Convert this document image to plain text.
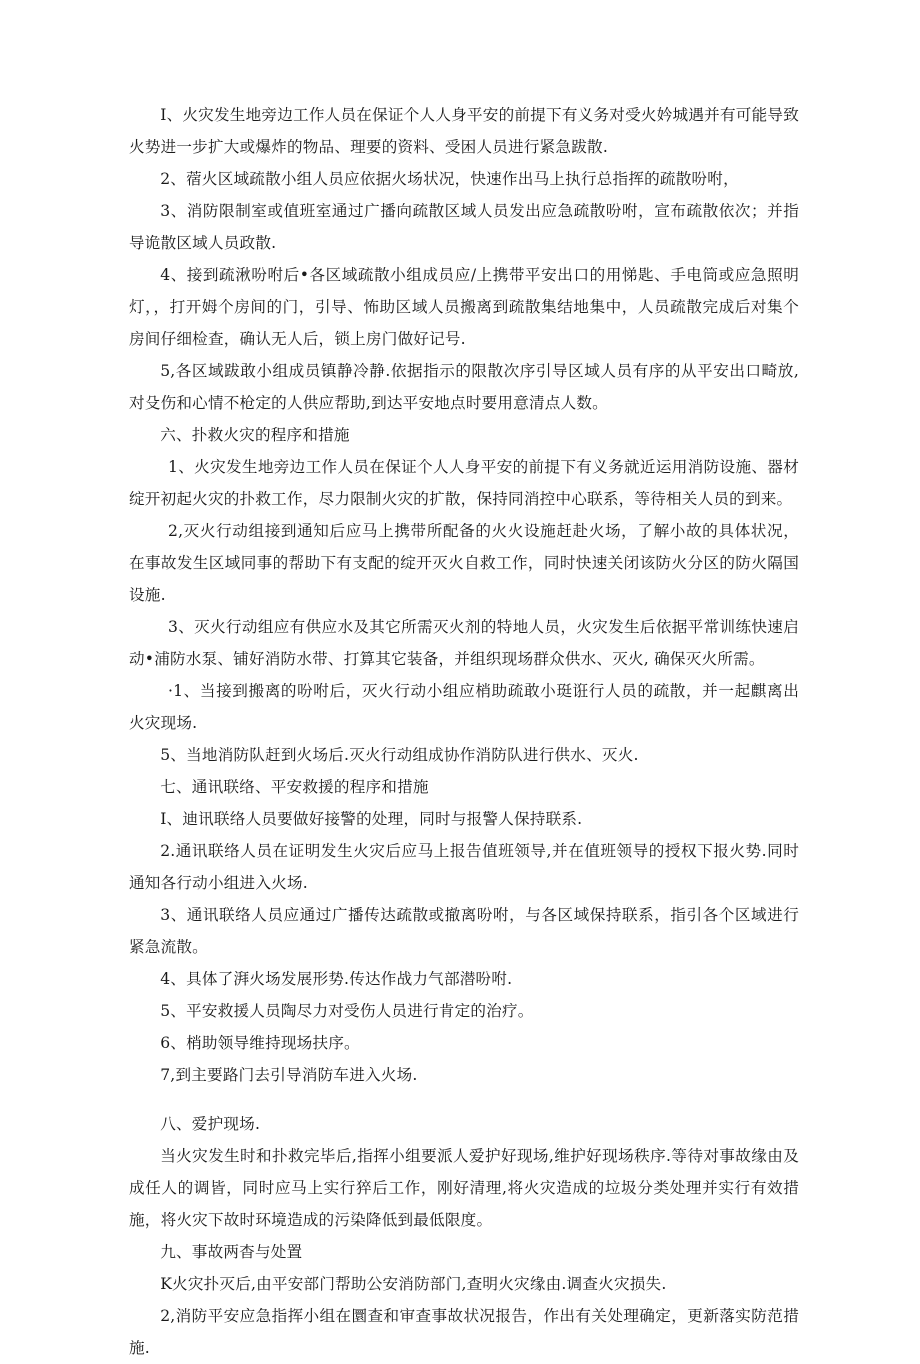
I、火灾发生地旁边工作人员在保证个人人身平安的前提下有义务对受火妗城遇并有可能导致火势进一步扩大或爆炸的物品、理要的资料、受困人员进行紧急跋散.

2、蓿火区域疏散小组人员应依据火场状况，快速作出马上执行总指挥的疏散吩咐，

3、消防限制室或值班室通过广播向疏散区域人员发出应急疏散吩咐，宣布疏散依次；并指导诡散区域人员政散.

4、接到疏湫吩咐后•各区域疏散小组成员应/上携带平安出口的用悌匙、手电筒或应急照明灯，，打开姆个房间的门，引导、怖助区域人员搬离到疏散集结地集中，人员疏散完成后对集个房间仔细检查，确认无人后，锁上房门做好记号.

5,各区域跋敢小组成员镇静冷静.依据指示的限散次序引导区域人员有序的从平安出口畸放,对殳伤和心情不枪定的人供应帮助,到达平安地点时要用意清点人数。

六、扑救火灾的程序和措施

1、火灾发生地旁边工作人员在保证个人人身平安的前提下有义务就近运用消防设施、器材绽开初起火灾的扑救工作，尽力限制火灾的扩散，保持同消控中心联系，等待相关人员的到来。

2,灭火行动组接到通知后应马上携带所配备的火火设施赶赴火场，了解小故的具体状况，在事故发生区域同事的帮助下有支配的绽开灭火自救工作，同时快速关闭该防火分区的防火隔国设施.

3、灭火行动组应有供应水及其它所需灭火剂的特地人员，火灾发生后依据平常训练快速启动•浦防水泵、铺好消防水带、打算其它装备，并组织现场群众供水、灭火, 确保灭火所需。

·1、当接到搬离的吩咐后，灭火行动小组应梢助疏敢小珽诳行人员的疏散，并一起麒离出火灾现场.

5、当地消防队赶到火场后.灭火行动组成协作消防队进行供水、灭火.

七、通讯联络、平安救援的程序和措施

I、迪讯联络人员要做好接警的处理，同时与报警人保持联系.

2.通讯联络人员在证明发生火灾后应马上报告值班领导,并在值班领导的授权下报火势.同时通知各行动小组进入火场.

3、通讯联络人员应通过广播传达疏散或撤离吩咐，与各区域保持联系，指引各个区域进行紧急流散。

4、具体了湃火场发展形势.传达作战力气部潜吩咐.

5、平安救援人员陶尽力对受伤人员进行肯定的治疗。

6、梢助领导维持现场扶序。

7,到主要路门去引导消防车进入火场.

八、爱护现场.

当火灾发生时和扑救完毕后,指挥小组要派人爱护好现场,维护好现场秩序.等待对事故缘由及成任人的调皆，同时应马上实行猝后工作，刚好清理,将火灾造成的垃圾分类处理并实行有效措施，将火灾下故时环境造成的污染降低到最低限度。

九、事故两杳与处置

K火灾扑灭后,由平安部门帮助公安消防部门,查明火灾缘由.调查火灾损失.

2,消防平安应急指挥小组在圜查和审查事故状况报告，作出有关处理确定，更新落实防范措施.
